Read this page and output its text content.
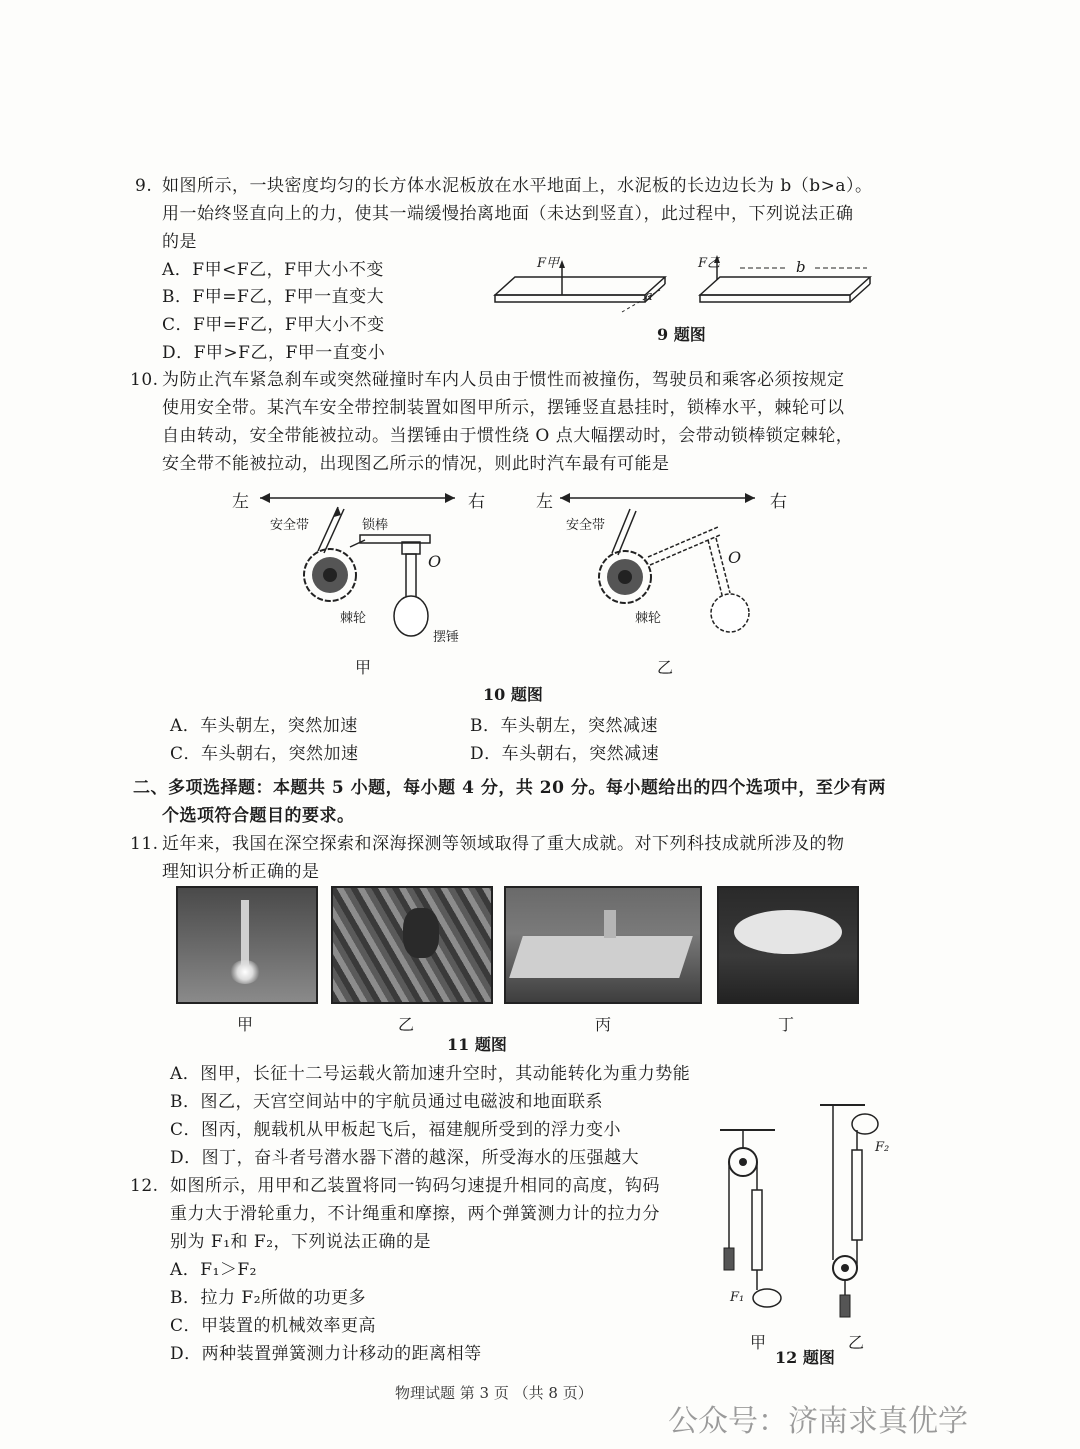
9. 如图所示，一块密度均匀的长方体水泥板放在水平地面上，水泥板的长边边长为 b（b>a）。
用一始终竖直向上的力，使其一端缓慢抬离地面（未达到竖直），此过程中，下列说法正确
的是
A．F甲<F乙，F甲大小不变
B．F甲=F乙，F甲一直变大
C．F甲=F乙，F甲大小不变
D．F甲>F乙，F甲一直变小
F甲	F乙
a
b
9 题图
10. 为防止汽车紧急刹车或突然碰撞时车内人员由于惯性而被撞伤，驾驶员和乘客必须按规定
使用安全带。某汽车安全带控制装置如图甲所示，摆锤竖直悬挂时，锁棒水平，棘轮可以
自由转动，安全带能被拉动。当摆锤由于惯性绕 O 点大幅摆动时，会带动锁棒锁定棘轮，
安全带不能被拉动，出现图乙所示的情况，则此时汽车最有可能是
左	右
安全带	锁棒
O
棘轮
摆锤
甲
左	右
安全带
O
棘轮
乙
10 题图
A．车头朝左，突然加速	B．车头朝左，突然减速
C．车头朝右，突然加速	D．车头朝右，突然减速
二、多项选择题：本题共 5 小题，每小题 4 分，共 20 分。每小题给出的四个选项中，至少有两
个选项符合题目的要求。
11. 近年来，我国在深空探索和深海探测等领域取得了重大成就。对下列科技成就所涉及的物
理知识分析正确的是
甲	乙	丙	丁
11 题图
A．图甲，长征十二号运载火箭加速升空时，其动能转化为重力势能
B．图乙，天宫空间站中的宇航员通过电磁波和地面联系
C．图丙，舰载机从甲板起飞后，福建舰所受到的浮力变小
D．图丁，奋斗者号潜水器下潜的越深，所受海水的压强越大
12. 如图所示，用甲和乙装置将同一钩码匀速提升相同的高度，钩码
重力大于滑轮重力，不计绳重和摩擦，两个弹簧测力计的拉力分
别为 F₁和 F₂，下列说法正确的是
A．F₁＞F₂
B．拉力 F₂所做的功更多
C．甲装置的机械效率更高
D．两种装置弹簧测力计移动的距离相等
F₁
F₂
甲	乙
12 题图
物理试题 第 3 页 （共 8 页）
公众号：济南求真优学
